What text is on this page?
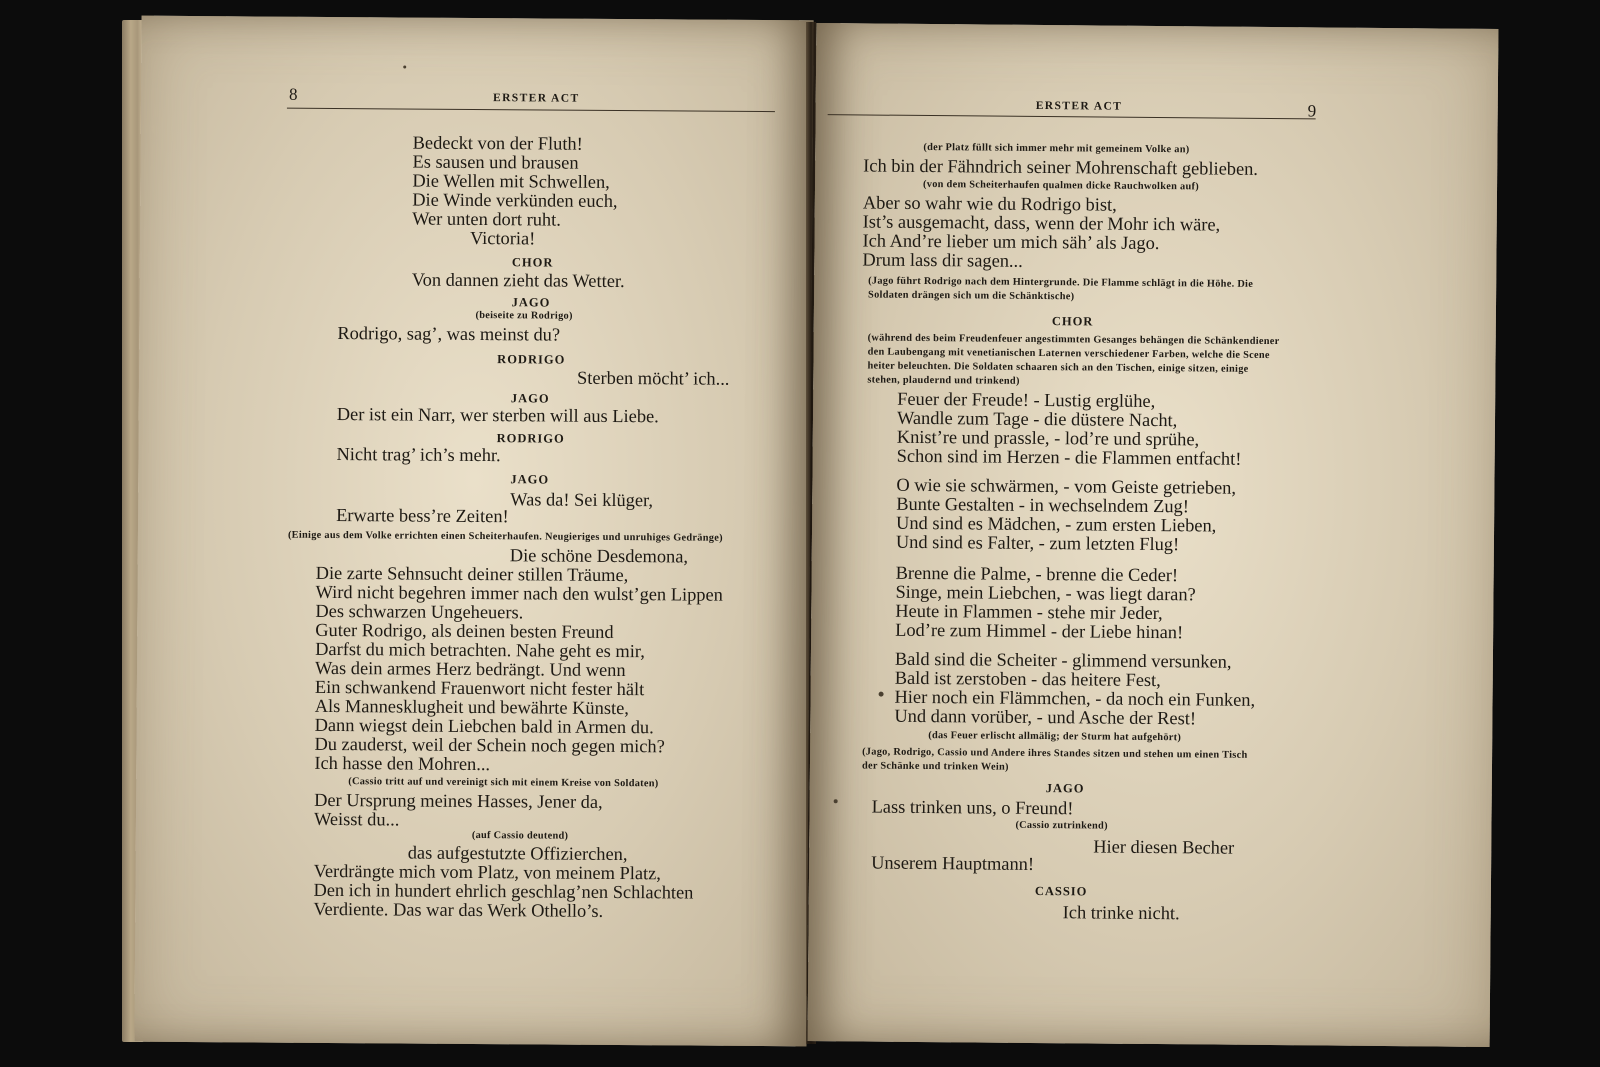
8	ERSTER ACT
Bedeckt von der Fluth!
Es sausen und brausen
Die Wellen mit Schwellen,
Die Winde verkünden euch,
Wer unten dort ruht.
Victoria!
CHOR
Von dannen zieht das Wetter.
JAGO
(beiseite zu Rodrigo)
Rodrigo, sag’, was meinst du?
RODRIGO
Sterben möcht’ ich...
JAGO
Der ist ein Narr, wer sterben will aus Liebe.
RODRIGO
Nicht trag’ ich’s mehr.
JAGO
Was da! Sei klüger,
Erwarte bess’re Zeiten!
(Einige aus dem Volke errichten einen Scheiterhaufen. Neugieriges und unruhiges Gedränge)
Die schöne Desdemona,
Die zarte Sehnsucht deiner stillen Träume,
Wird nicht begehren immer nach den wulst’gen Lippen
Des schwarzen Ungeheuers.
Guter Rodrigo, als deinen besten Freund
Darfst du mich betrachten. Nahe geht es mir,
Was dein armes Herz bedrängt. Und wenn
Ein schwankend Frauenwort nicht fester hält
Als Mannesklugheit und bewährte Künste,
Dann wiegst dein Liebchen bald in Armen du.
Du zauderst, weil der Schein noch gegen mich?
Ich hasse den Mohren...
(Cassio tritt auf und vereinigt sich mit einem Kreise von Soldaten)
Der Ursprung meines Hasses, Jener da,
Weisst du...
(auf Cassio deutend)
das aufgestutzte Offizierchen,
Verdrängte mich vom Platz, von meinem Platz,
Den ich in hundert ehrlich geschlag’nen Schlachten
Verdiente. Das war das Werk Othello’s.
ERSTER ACT	9
(der Platz füllt sich immer mehr mit gemeinem Volke an)
Ich bin der Fähndrich seiner Mohrenschaft geblieben.
(von dem Scheiterhaufen qualmen dicke Rauchwolken auf)
Aber so wahr wie du Rodrigo bist,
Ist’s ausgemacht, dass, wenn der Mohr ich wäre,
Ich And’re lieber um mich säh’ als Jago.
Drum lass dir sagen...
(Jago führt Rodrigo nach dem Hintergrunde. Die Flamme schlägt in die Höhe. Die
Soldaten drängen sich um die Schänktische)
CHOR
(während des beim Freudenfeuer angestimmten Gesanges behängen die Schänkendiener
den Laubengang mit venetianischen Laternen verschiedener Farben, welche die Scene
heiter beleuchten. Die Soldaten schaaren sich an den Tischen, einige sitzen, einige
stehen, plaudernd und trinkend)
Feuer der Freude! - Lustig erglühe,
Wandle zum Tage - die düstere Nacht,
Knist’re und prassle, - lod’re und sprühe,
Schon sind im Herzen - die Flammen entfacht!
O wie sie schwärmen, - vom Geiste getrieben,
Bunte Gestalten - in wechselndem Zug!
Und sind es Mädchen, - zum ersten Lieben,
Und sind es Falter, - zum letzten Flug!
Brenne die Palme, - brenne die Ceder!
Singe, mein Liebchen, - was liegt daran?
Heute in Flammen - stehe mir Jeder,
Lod’re zum Himmel - der Liebe hinan!
Bald sind die Scheiter - glimmend versunken,
Bald ist zerstoben - das heitere Fest,
Hier noch ein Flämmchen, - da noch ein Funken,
Und dann vorüber, - und Asche der Rest!
(das Feuer erlischt allmälig; der Sturm hat aufgehört)
(Jago, Rodrigo, Cassio und Andere ihres Standes sitzen und stehen um einen Tisch
der Schänke und trinken Wein)
JAGO
Lass trinken uns, o Freund!
(Cassio zutrinkend)
Hier diesen Becher
Unserem Hauptmann!
CASSIO
Ich trinke nicht.
